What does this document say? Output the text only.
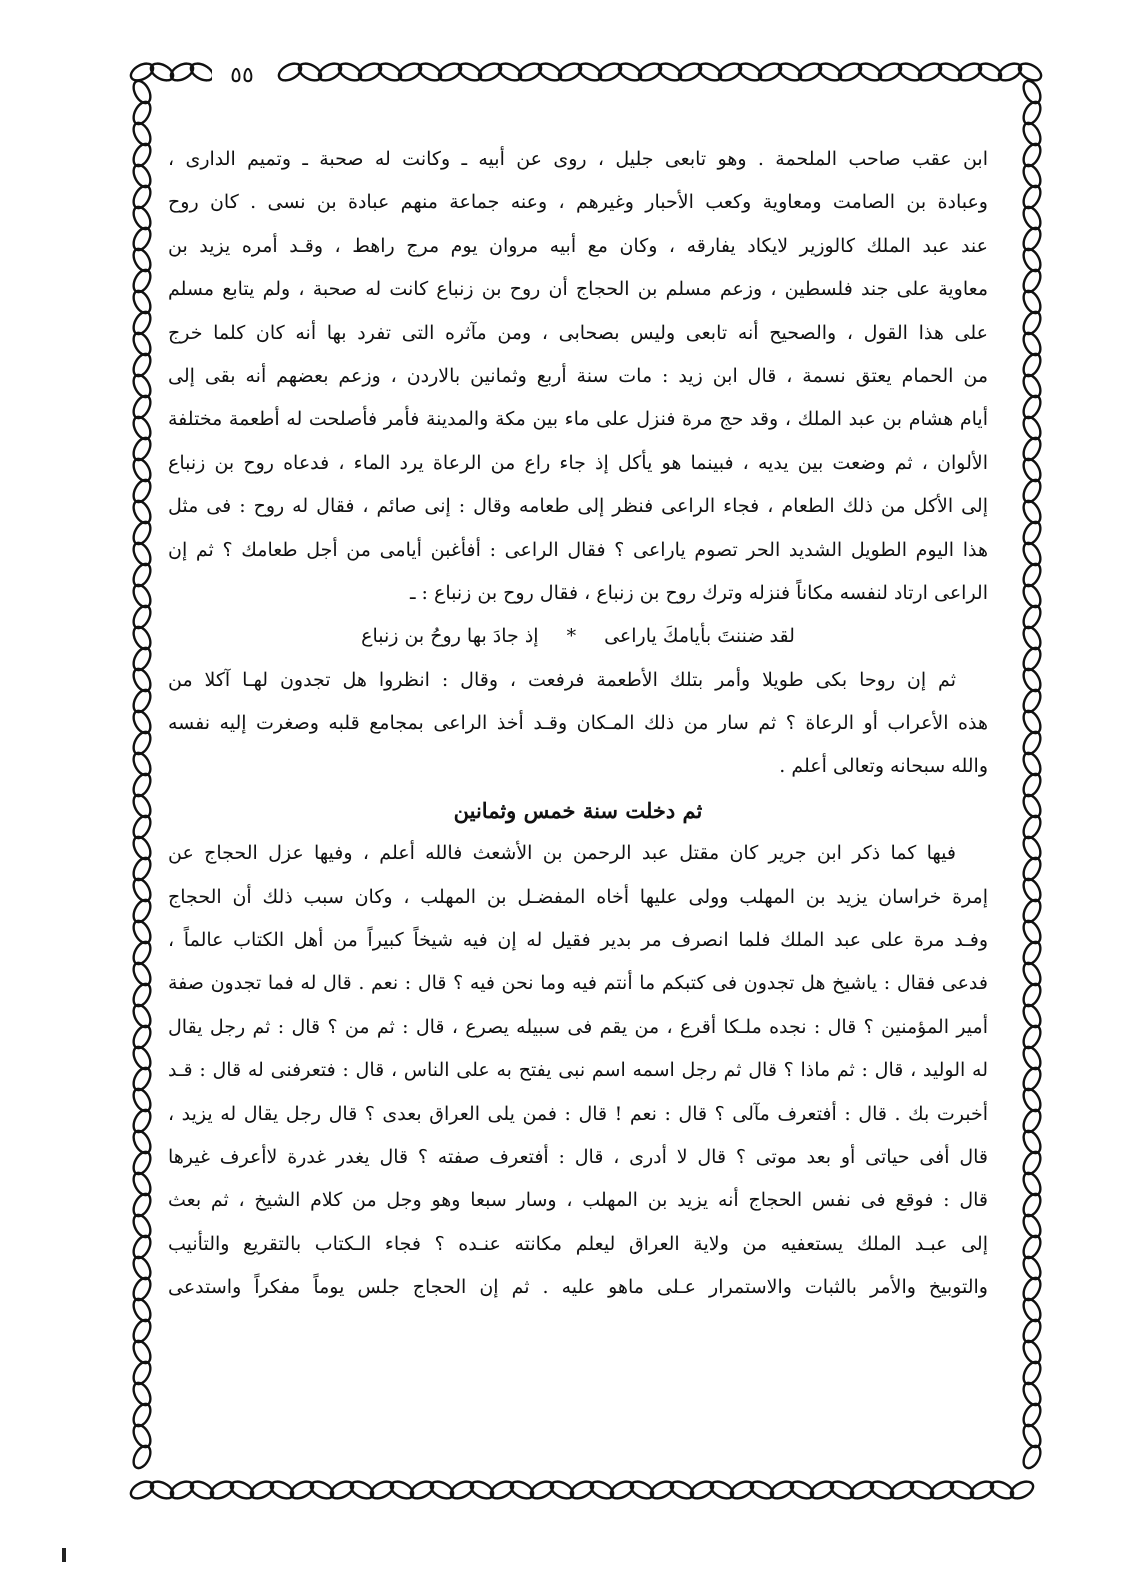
٥٥
ابن عقب صاحب الملحمة . وهو تابعى جليل ، روى عن أبيه ـ وكانت له صحبة ـ وتميم الدارى ،
وعبادة بن الصامت ومعاوية وكعب الأحبار وغيرهم ، وعنه جماعة منهم عبادة بن نسى . كان روح
عند عبد الملك كالوزير لايكاد يفارقه ، وكان مع أبيه مروان يوم مرج راهط ، وقـد أمره يزيد بن
معاوية على جند فلسطين ، وزعم مسلم بن الحجاج أن روح بن زنباع كانت له صحبة ، ولم يتابع مسلم
على هذا القول ، والصحيح أنه تابعى وليس بصحابى ، ومن مآثره التى تفرد بها أنه كان كلما خرج
من الحمام يعتق نسمة ، قال ابن زيد : مات سنة أربع وثمانين بالاردن ، وزعم بعضهم أنه بقى إلى
أيام هشام بن عبد الملك ، وقد حج مرة فنزل على ماء بين مكة والمدينة فأمر فأصلحت له أطعمة مختلفة
الألوان ، ثم وضعت بين يديه ، فبينما هو يأكل إذ جاء راع من الرعاة يرد الماء ، فدعاه روح بن زنباع
إلى الأكل من ذلك الطعام ، فجاء الراعى فنظر إلى طعامه وقال : إنى صائم ، فقال له روح : فى مثل
هذا اليوم الطويل الشديد الحر تصوم ياراعى ؟ فقال الراعى : أفأغبن أيامى من أجل طعامك ؟ ثم إن
الراعى ارتاد لنفسه مكاناً فنزله وترك روح بن زنباع ، فقال روح بن زنباع : ـ
لقد ضننتَ بأيامكَ ياراعى*إذ جادَ بها روحُ بن زنباع
ثم إن روحا بكى طويلا وأمر بتلك الأطعمة فرفعت ، وقال : انظروا هل تجدون لهـا آكلا من
هذه الأعراب أو الرعاة ؟ ثم سار من ذلك المـكان وقـد أخذ الراعى بمجامع قلبه وصغرت إليه نفسه
والله سبحانه وتعالى أعلم .
ثم دخلت سنة خمس وثمانين
فيها كما ذكر ابن جرير كان مقتل عبد الرحمن بن الأشعث فالله أعلم ، وفيها عزل الحجاج عن
إمرة خراسان يزيد بن المهلب وولى عليها أخاه المفضـل بن المهلب ، وكان سبب ذلك أن الحجاج
وفـد مرة على عبد الملك فلما انصرف مر بدير فقيل له إن فيه شيخاً كبيراً من أهل الكتاب عالماً ،
فدعى فقال : ياشيخ هل تجدون فى كتبكم ما أنتم فيه وما نحن فيه ؟ قال : نعم . قال له فما تجدون صفة
أمير المؤمنين ؟ قال : نجده ملـكا أقرع ، من يقم فى سبيله يصرع ، قال : ثم من ؟ قال : ثم رجل يقال
له الوليد ، قال : ثم ماذا ؟ قال ثم رجل اسمه اسم نبى يفتح به على الناس ، قال : فتعرفنى له قال : قـد
أخبرت بك . قال : أفتعرف مآلى ؟ قال : نعم ! قال : فمن يلى العراق بعدى ؟ قال رجل يقال له يزيد ،
قال أفى حياتى أو بعد موتى ؟ قال لا أدرى ، قال : أفتعرف صفته ؟ قال يغدر غدرة لاأعرف غيرها
قال : فوقع فى نفس الحجاج أنه يزيد بن المهلب ، وسار سبعا وهو وجل من كلام الشيخ ، ثم بعث
إلى عبـد الملك يستعفيه من ولاية العراق ليعلم مكانته عنـده ؟ فجاء الـكتاب بالتقريع والتأنيب
والتوبيخ والأمر بالثبات والاستمرار عـلى ماهو عليه . ثم إن الحجاج جلس يوماً مفكراً واستدعى
